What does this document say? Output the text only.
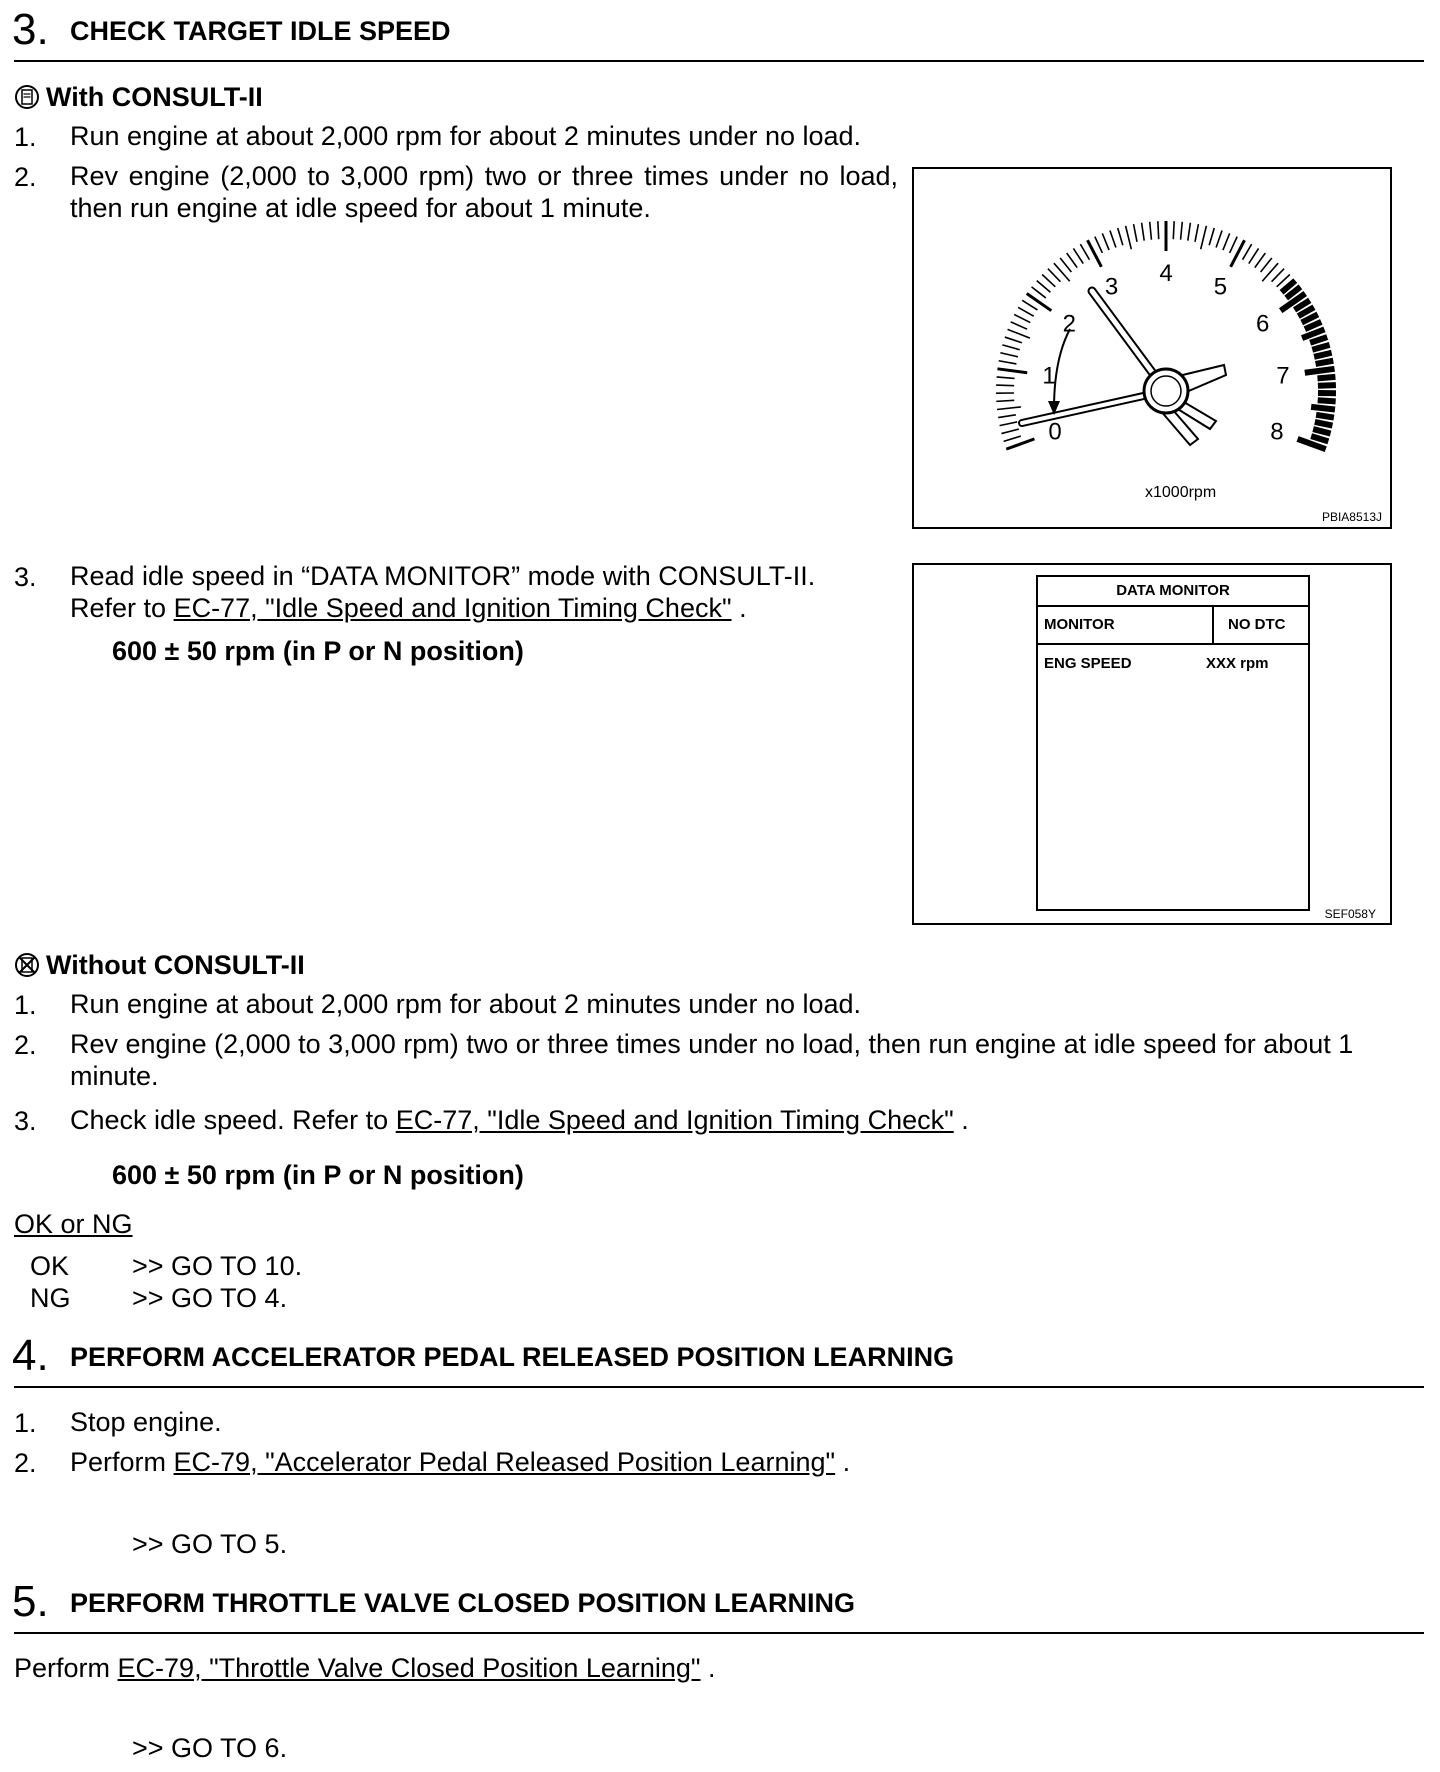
3. CHECK TARGET IDLE SPEED
With CONSULT-II
1. Run engine at about 2,000 rpm for about 2 minutes under no load.
2. Rev engine (2,000 to 3,000 rpm) two or three times under no load, then run engine at idle speed for about 1 minute.
0
1
2
3 4 5
6
7
8
x1000rpm
PBIA8513J
3. Read idle speed in “DATA MONITOR” mode with CONSULT-II.
Refer to EC-77, "Idle Speed and Ignition Timing Check" .
600 ± 50 rpm (in P or N position)
DATA MONITOR
MONITOR	NO DTC
ENG SPEED	XXX rpm
SEF058Y
Without CONSULT-II
1. Run engine at about 2,000 rpm for about 2 minutes under no load.
2. Rev engine (2,000 to 3,000 rpm) two or three times under no load, then run engine at idle speed for about 1 minute.
3. Check idle speed. Refer to EC-77, "Idle Speed and Ignition Timing Check" .
600 ± 50 rpm (in P or N position)
OK or NG
OK >> GO TO 10.
NG >> GO TO 4.
4. PERFORM ACCELERATOR PEDAL RELEASED POSITION LEARNING
1. Stop engine.
2. Perform EC-79, "Accelerator Pedal Released Position Learning" .
>> GO TO 5.
5. PERFORM THROTTLE VALVE CLOSED POSITION LEARNING
Perform EC-79, "Throttle Valve Closed Position Learning" .
>> GO TO 6.
